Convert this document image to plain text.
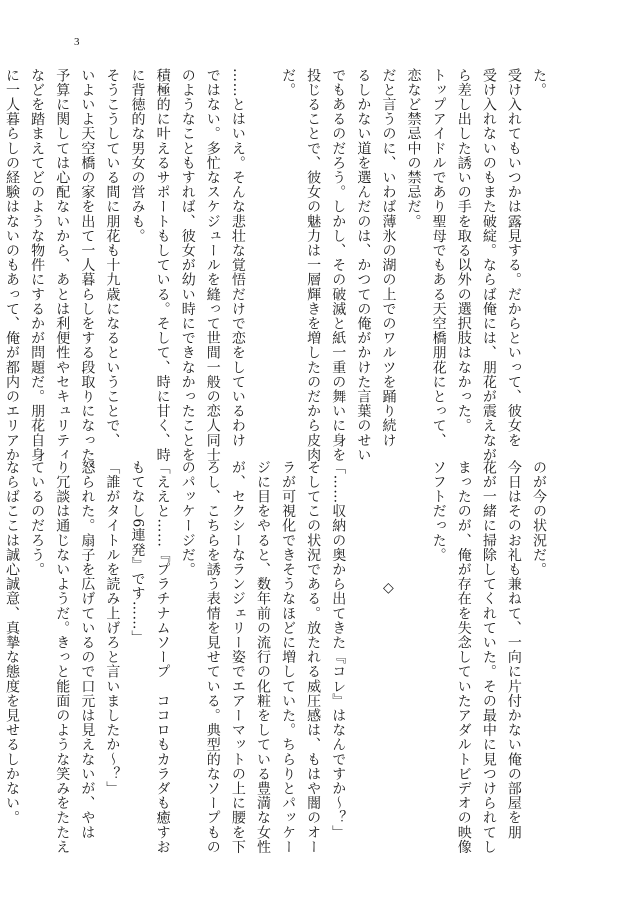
3

た。

受け入れてもいつかは露見する。だからといって、彼女を

受け入れないのもまた破綻。ならば俺には、朋花が震えなが

ら差し出した誘いの手を取る以外の選択肢はなかった。

トップアイドルであり聖母でもある天空橋朋花にとって、

恋など禁忌中の禁忌だ。

だと言うのに、いわば薄氷の湖の上でのワルツを踊り続け

るしかない道を選んだのは、かつての俺がかけた言葉のせい

でもあるのだろう。しかし、その破滅と紙一重の舞いに身を

投じることで、彼女の魅力は一層輝きを増したのだから皮肉

だ。

……とはいえ。そんな悲壮な覚悟だけで恋をしているわけ

ではない。多忙なスケジュールを縫って世間一般の恋人同士

のようなこともすれば、彼女が幼い時にできなかったことを

積極的に叶えるサポートもしている。そして、時に甘く、時

に背徳的な男女の営みも。

そうこうしている間に朋花も十九歳になるということで、

いよいよ天空橋の家を出て一人暮らしをする段取りになった。

予算に関しては心配ないから、あとは利便性やセキュリティ

などを踏まえてどのような物件にするかが問題だ。朋花自身

に一人暮らしの経験はないのもあって、俺が都内のエリアか

のが今の状況だ。

今日はそのお礼も兼ねて、一向に片付かない俺の部屋を朋

花が一緒に掃除してくれていた。その最中に見つけられてし

まったのが、俺が存在を失念していたアダルトビデオの映像

ソフトだった。

◇

「……収納の奥から出てきた『コレ』はなんですか～？」

そしてこの状況である。放たれる威圧感は、もはや闇のオー

ラが可視化できそうなほどに増していた。ちらりとパッケー

ジに目をやると、数年前の流行の化粧をしている豊満な女性

が、セクシーなランジェリー姿でエアーマットの上に腰を下

ろし、こちらを誘う表情を見せている。典型的なソープもの

のパッケージだ。

「ええと……『プラチナムソープ　ココロもカラダも癒すお

もてなし6連発』です……」

「誰がタイトルを読み上げろと言いましたか～？」

怒られた。扇子を広げているので口元は見えないが、やは

り冗談は通じないようだ。きっと能面のような笑みをたたえ

ているのだろう。

ならばここは誠心誠意、真摯な態度を見せるしかない。
